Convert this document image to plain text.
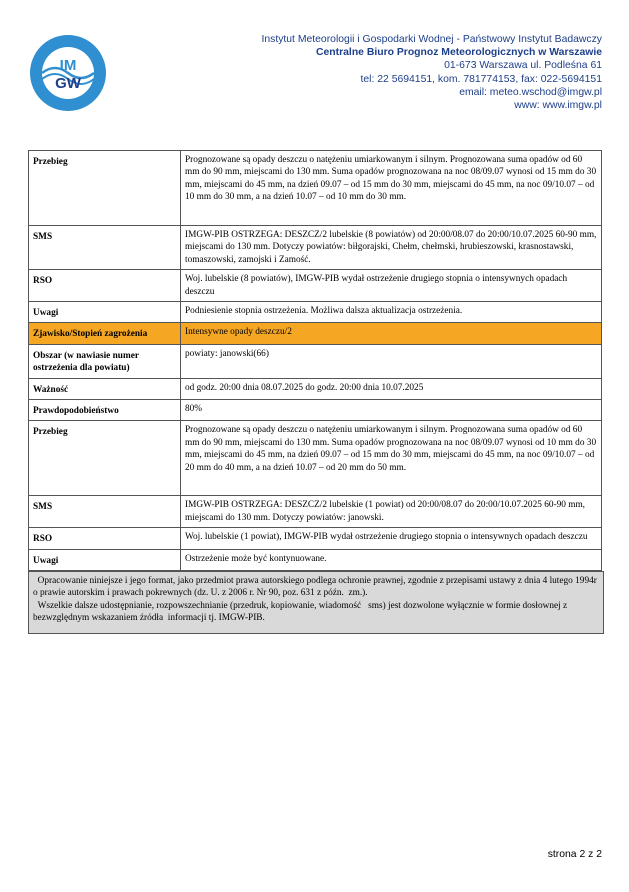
IM
GW
Instytut Meteorologii i Gospodarki Wodnej - Państwowy Instytut Badawczy
Centralne Biuro Prognoz Meteorologicznych w Warszawie
01-673 Warszawa ul. Podleśna 61
tel: 22 5694151, kom. 781774153, fax: 022-5694151
email: meteo.wschod@imgw.pl
www: www.imgw.pl
Przebieg	Prognozowane są opady deszczu o natężeniu umiarkowanym i silnym. Prognozowana suma opadów od 60 mm do 90 mm, miejscami do 130 mm. Suma opadów prognozowana na noc 08/09.07 wynosi od 15 mm do 30 mm, miejscami do 45 mm, na dzień 09.07 – od 15 mm do 30 mm, miejscami do 45 mm, na noc 09/10.07 – od 10 mm do 30 mm, a na dzień 10.07 – od 10 mm do 30 mm.
SMS	IMGW-PIB OSTRZEGA: DESZCZ/2 lubelskie (8 powiatów) od 20:00/08.07 do 20:00/10.07.2025 60-90 mm, miejscami do 130 mm. Dotyczy powiatów: biłgorajski, Chełm, chełmski, hrubieszowski, krasnostawski, tomaszowski, zamojski i Zamość.
RSO	Woj. lubelskie (8 powiatów), IMGW-PIB wydał ostrzeżenie drugiego stopnia o intensywnych opadach deszczu
Uwagi	Podniesienie stopnia ostrzeżenia. Możliwa dalsza aktualizacja ostrzeżenia.
Zjawisko/Stopień zagrożenia	Intensywne opady deszczu/2
Obszar (w nawiasie numer ostrzeżenia dla powiatu)	powiaty: janowski(66)
Ważność	od godz. 20:00 dnia 08.07.2025 do godz. 20:00 dnia 10.07.2025
Prawdopodobieństwo	80%
Przebieg	Prognozowane są opady deszczu o natężeniu umiarkowanym i silnym. Prognozowana suma opadów od 60 mm do 90 mm, miejscami do 130 mm. Suma opadów prognozowana na noc 08/09.07 wynosi od 10 mm do 30 mm, miejscami do 45 mm, na dzień 09.07 – od 15 mm do 30 mm, miejscami do 45 mm, na noc 09/10.07 – od 20 mm do 40 mm, a na dzień 10.07 – od 20 mm do 50 mm.
SMS	IMGW-PIB OSTRZEGA: DESZCZ/2 lubelskie (1 powiat) od 20:00/08.07 do 20:00/10.07.2025 60-90 mm, miejscami do 130 mm. Dotyczy powiatów: janowski.
RSO	Woj. lubelskie (1 powiat), IMGW-PIB wydał ostrzeżenie drugiego stopnia o intensywnych opadach deszczu
Uwagi	Ostrzeżenie może być kontynuowane.
Opracowanie niniejsze i jego format, jako przedmiot prawa autorskiego podlega ochronie prawnej, zgodnie z przepisami ustawy z dnia 4 lutego 1994r o prawie autorskim i prawach pokrewnych (dz. U. z 2006 r. Nr 90, poz. 631 z późn.  zm.).
Wszelkie dalsze udostępnianie, rozpowszechnianie (przedruk, kopiowanie, wiadomość   sms) jest dozwolone wyłącznie w formie dosłownej z bezwzględnym wskazaniem źródła  informacji tj. IMGW-PIB.
strona 2 z 2
